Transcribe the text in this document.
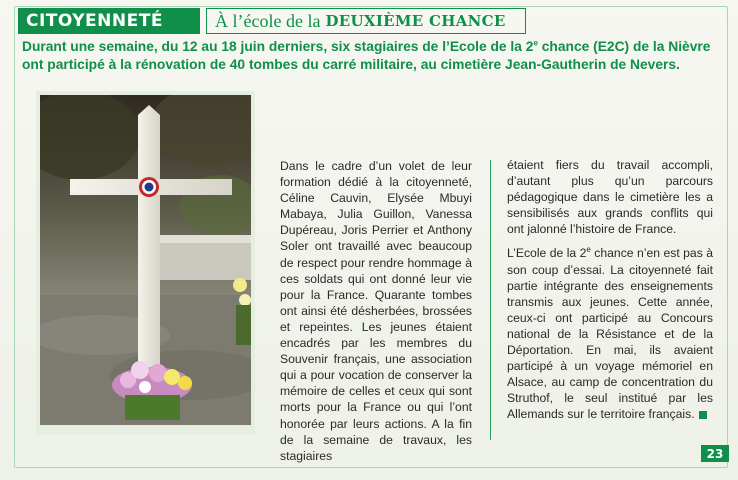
CITOYENNETÉ	À l’école de la DEUXIÈME CHANCE
Durant une semaine, du 12 au 18 juin derniers, six stagiaires de l’Ecole de la 2e chance (E2C) de la Nièvre ont participé à la rénovation de 40 tombes du carré militaire, au cimetière Jean-Gautherin de Nevers.

Dans le cadre d’un volet de leur formation dédié à la citoyenneté, Céline Cauvin, Elysée Mbuyi Mabaya, Julia Guillon, Vanessa Dupéreau, Joris Perrier et Anthony Soler ont travaillé avec beaucoup de respect pour rendre hommage à ces soldats qui ont donné leur vie pour la France. Quarante tombes ont ainsi été désherbées, brossées et repeintes. Les jeunes étaient encadrés par les membres du Souvenir français, une association qui a pour vocation de conserver la mémoire de celles et ceux qui sont morts pour la France ou qui l’ont honorée par leurs actions. A la fin de la semaine de travaux, les stagiaires

étaient fiers du travail accompli, d’autant plus qu’un parcours pédagogique dans le cimetière les a sensibilisés aux grands conflits qui ont jalonné l’histoire de France.

L’Ecole de la 2e chance n’en est pas à son coup d’essai. La citoyenneté fait partie intégrante des enseignements transmis aux jeunes. Cette année, ceux-ci ont participé au Concours national de la Résistance et de la Déportation. En mai, ils avaient participé à un voyage mémoriel en Alsace, au camp de concentration du Struthof, le seul institué par les Allemands sur le territoire français.

23
